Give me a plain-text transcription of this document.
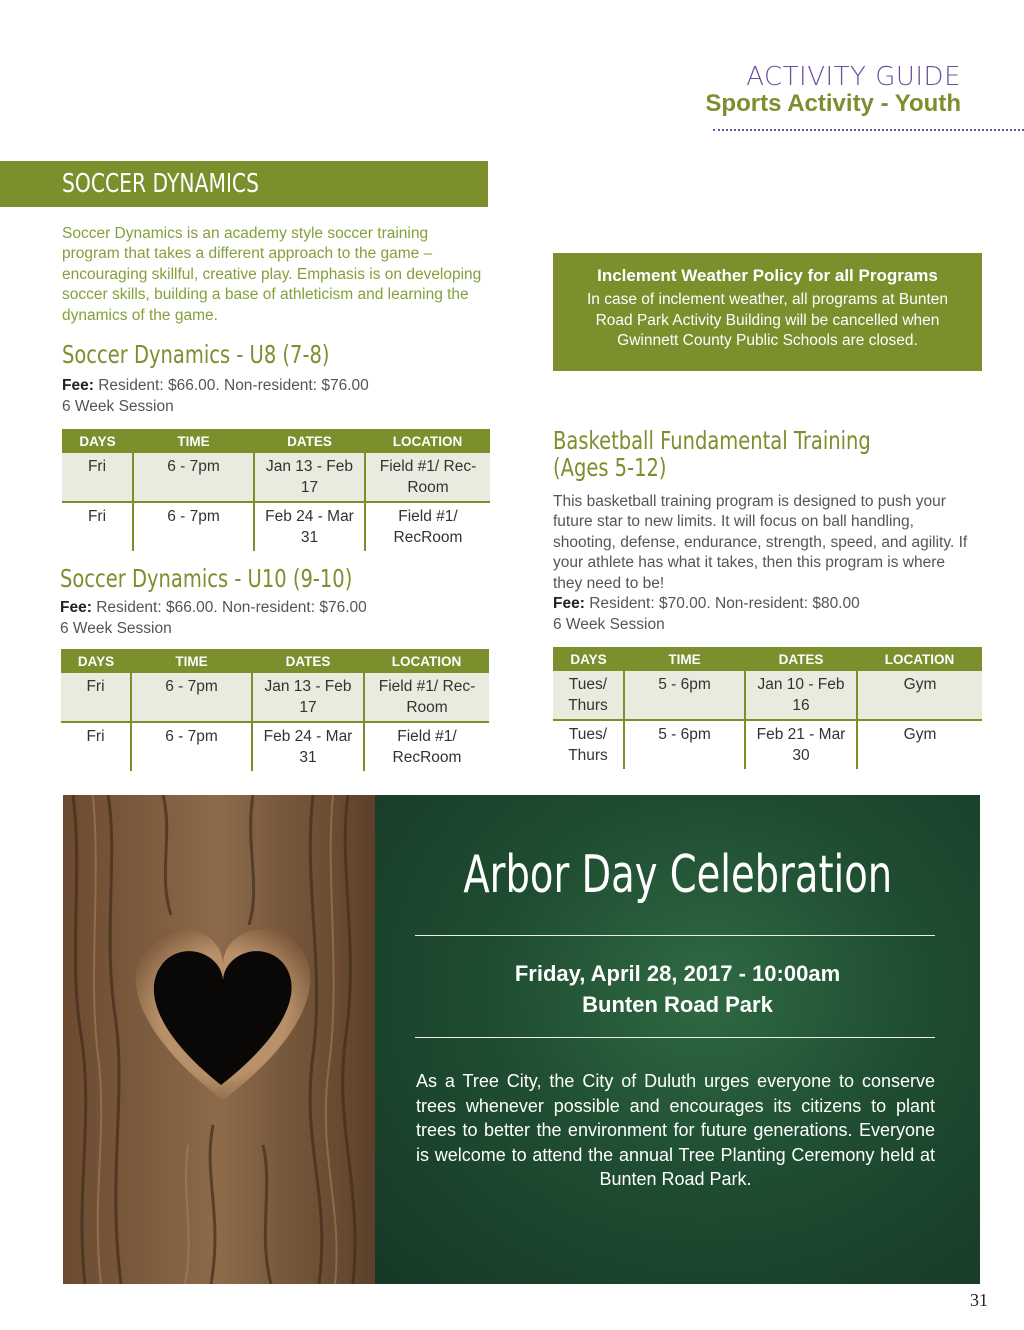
ACTIVITY GUIDE
Sports Activity - Youth
SOCCER DYNAMICS
Soccer Dynamics is an academy style soccer training program that takes a different approach to the game – encouraging skillful, creative play. Emphasis is on developing soccer skills, building a base of athleticism and learning the dynamics of the game.
Soccer Dynamics - U8 (7-8)
Fee: Resident: $66.00. Non-resident: $76.00
6 Week Session
DAYS	TIME	DATES	LOCATION
Fri	6 - 7pm	Jan 13 - Feb 17	Field #1/ Rec-Room
Fri	6 - 7pm	Feb 24 - Mar 31	Field #1/ RecRoom
Soccer Dynamics - U10 (9-10)
Fee: Resident: $66.00. Non-resident: $76.00
6 Week Session
DAYS	TIME	DATES	LOCATION
Fri	6 - 7pm	Jan 13 - Feb 17	Field #1/ Rec-Room
Fri	6 - 7pm	Feb 24 - Mar 31	Field #1/ RecRoom
Inclement Weather Policy for all Programs
In case of inclement weather, all programs at Bunten Road Park Activity Building will be cancelled when Gwinnett County Public Schools are closed.
Basketball Fundamental Training
(Ages 5-12)
This basketball training program is designed to push your future star to new limits. It will focus on ball handling, shooting, defense, endurance, strength, speed, and agility. If your athlete has what it takes, then this program is where they need to be!
Fee: Resident: $70.00. Non-resident: $80.00
6 Week Session
DAYS	TIME	DATES	LOCATION
Tues/ Thurs	5 - 6pm	Jan 10 - Feb 16	Gym
Tues/ Thurs	5 - 6pm	Feb 21 - Mar 30	Gym
Arbor Day Celebration
Friday, April 28, 2017 - 10:00am
Bunten Road Park
As a Tree City, the City of Duluth urges everyone to conserve trees whenever possible and encourages its citizens to plant trees to better the environment for future generations. Everyone is welcome to attend the annual Tree Planting Ceremony held at Bunten Road Park.
31
